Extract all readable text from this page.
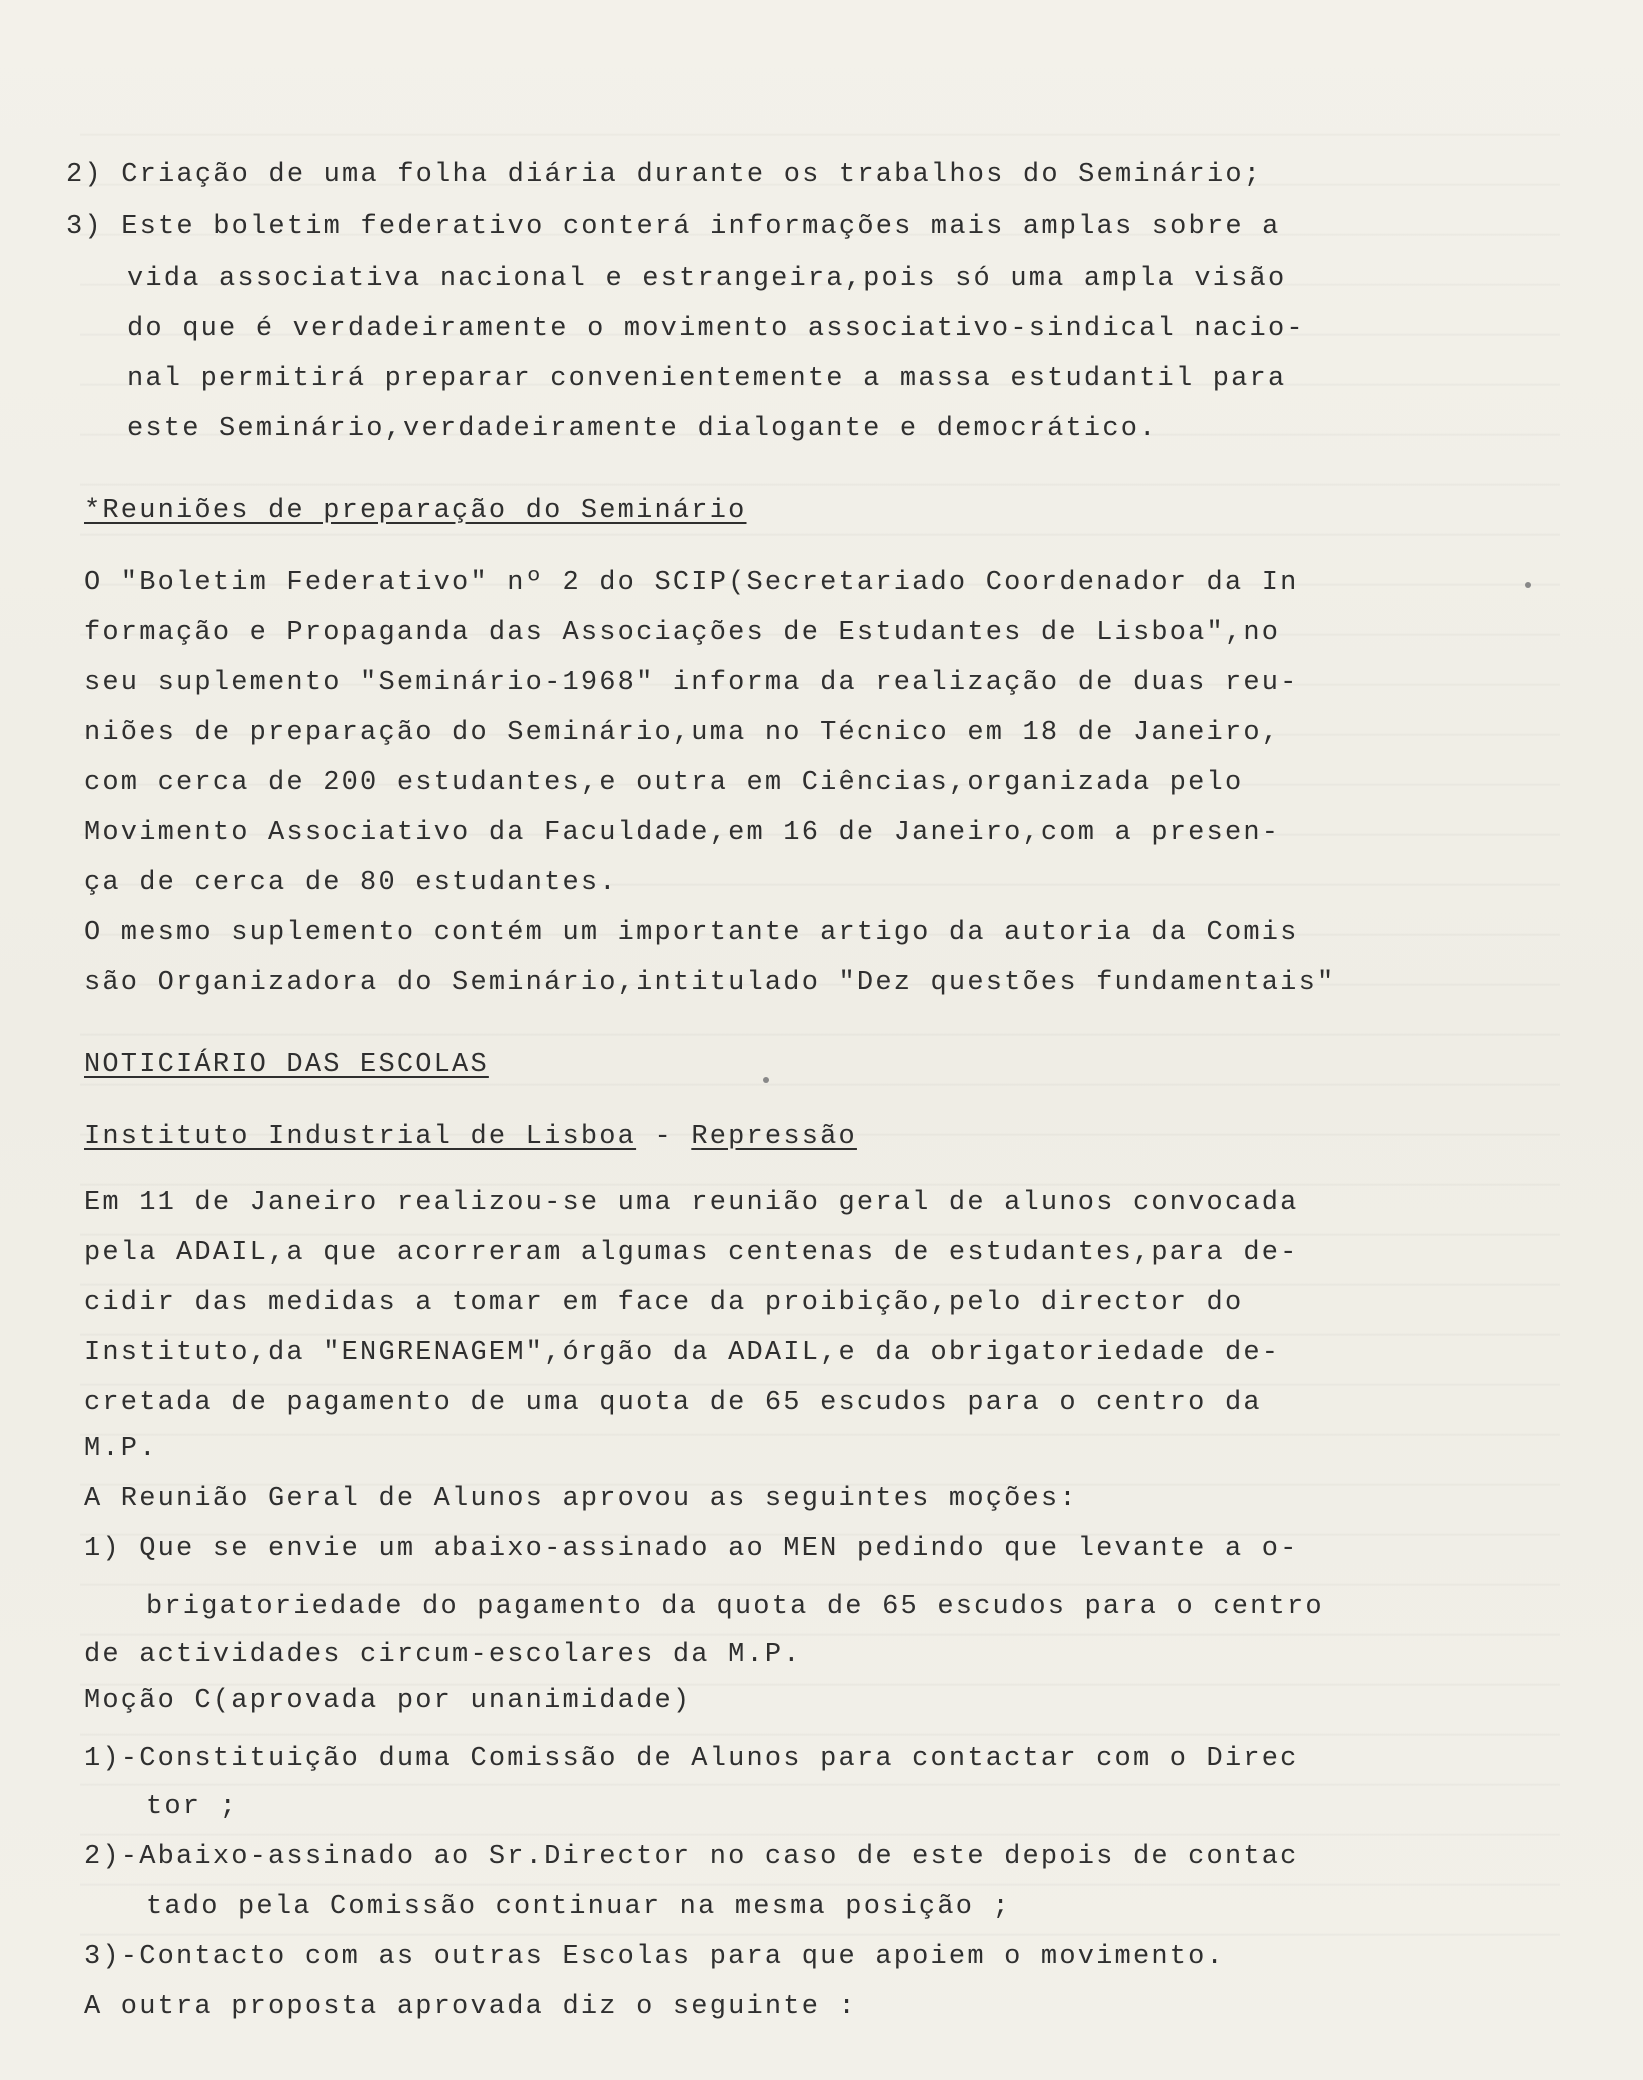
2) Criação de uma folha diária durante os trabalhos do Seminário;
3) Este boletim federativo conterá informações mais amplas sobre a
vida associativa nacional e estrangeira,pois só uma ampla visão
do que é verdadeiramente o movimento associativo-sindical nacio-
nal permitirá preparar convenientemente a massa estudantil para
este Seminário,verdadeiramente dialogante e democrático.
*Reuniões de preparação do Seminário
O "Boletim Federativo" nº 2 do SCIP(Secretariado Coordenador da In
formação e Propaganda das Associações de Estudantes de Lisboa",no
seu suplemento "Seminário-1968" informa da realização de duas reu-
niões de preparação do Seminário,uma no Técnico em 18 de Janeiro,
com cerca de 200 estudantes,e outra em Ciências,organizada pelo
Movimento Associativo da Faculdade,em 16 de Janeiro,com a presen-
ça de cerca de 80 estudantes.
O mesmo suplemento contém um importante artigo da autoria da Comis
são Organizadora do Seminário,intitulado "Dez questões fundamentais"
NOTICIÁRIO DAS ESCOLAS
Instituto Industrial de Lisboa - Repressão
Em 11 de Janeiro realizou-se uma reunião geral de alunos convocada
pela ADAIL,a que acorreram algumas centenas de estudantes,para de-
cidir das medidas a tomar em face da proibição,pelo director do
Instituto,da "ENGRENAGEM",órgão da ADAIL,e da obrigatoriedade de-
cretada de pagamento de uma quota de 65 escudos para o centro da
M.P.
A Reunião Geral de Alunos aprovou as seguintes moções:
1) Que se envie um abaixo-assinado ao MEN pedindo que levante a o-
brigatoriedade do pagamento da quota de 65 escudos para o centro
de actividades circum-escolares da M.P.
Moção C(aprovada por unanimidade)
1)-Constituição duma Comissão de Alunos para contactar com o Direc
tor ;
2)-Abaixo-assinado ao Sr.Director no caso de este depois de contac
tado pela Comissão continuar na mesma posição ;
3)-Contacto com as outras Escolas para que apoiem o movimento.
A outra proposta aprovada diz o seguinte :
